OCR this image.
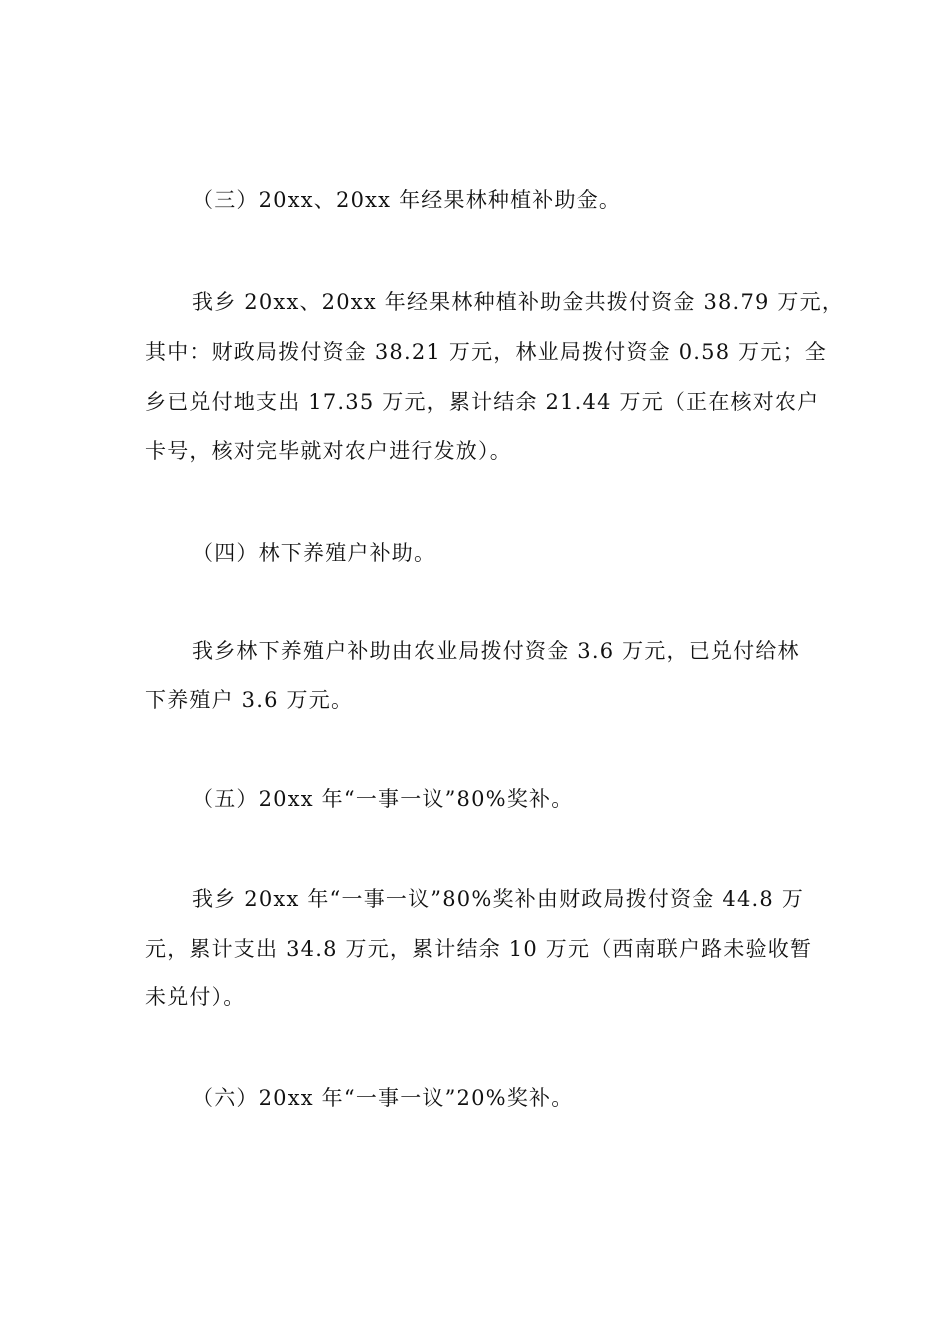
（三）20xx、20xx 年经果林种植补助金。
我乡 20xx、20xx 年经果林种植补助金共拨付资金 38.79 万元，
其中：财政局拨付资金 38.21 万元，林业局拨付资金 0.58 万元；全
乡已兑付地支出 17.35 万元，累计结余 21.44 万元（正在核对农户
卡号，核对完毕就对农户进行发放）。
（四）林下养殖户补助。
我乡林下养殖户补助由农业局拨付资金 3.6 万元，已兑付给林
下养殖户 3.6 万元。
（五）20xx 年“一事一议”80%奖补。
我乡 20xx 年“一事一议”80%奖补由财政局拨付资金 44.8 万
元，累计支出 34.8 万元，累计结余 10 万元（西南联户路未验收暂
未兑付）。
（六）20xx 年“一事一议”20%奖补。
